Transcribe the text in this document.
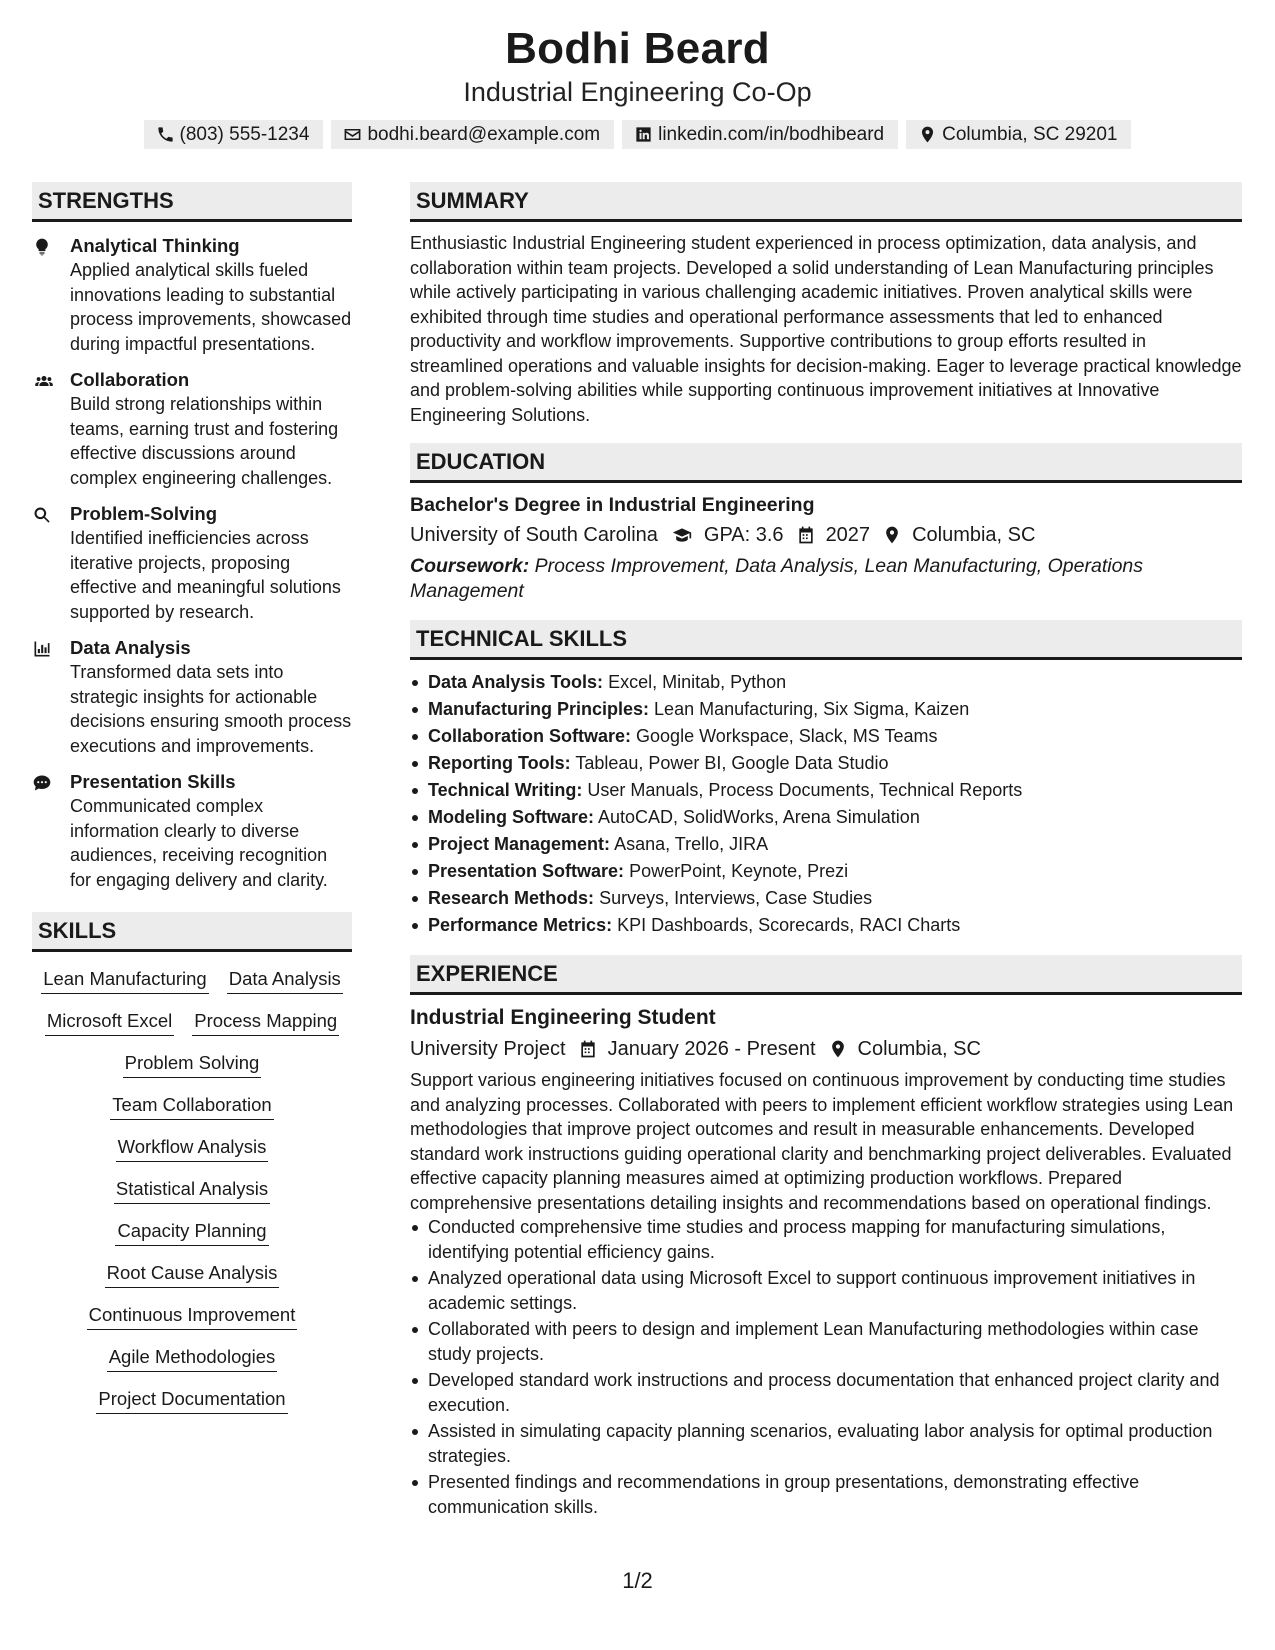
Bodhi Beard
Industrial Engineering Co-Op
(803) 555-1234	bodhi.beard@example.com	linkedin.com/in/bodhibeard	Columbia, SC 29201
STRENGTHS
Analytical Thinking
Applied analytical skills fueled innovations leading to substantial process improvements, showcased during impactful presentations.
Collaboration
Build strong relationships within teams, earning trust and fostering effective discussions around complex engineering challenges.
Problem-Solving
Identified inefficiencies across iterative projects, proposing effective and meaningful solutions supported by research.
Data Analysis
Transformed data sets into strategic insights for actionable decisions ensuring smooth process executions and improvements.
Presentation Skills
Communicated complex information clearly to diverse audiences, receiving recognition for engaging delivery and clarity.
SKILLS
Lean Manufacturing Data Analysis
Microsoft Excel Process Mapping
Problem Solving
Team Collaboration
Workflow Analysis
Statistical Analysis
Capacity Planning
Root Cause Analysis
Continuous Improvement
Agile Methodologies
Project Documentation
SUMMARY
Enthusiastic Industrial Engineering student experienced in process optimization, data analysis, and collaboration within team projects. Developed a solid understanding of Lean Manufacturing principles while actively participating in various challenging academic initiatives. Proven analytical skills were exhibited through time studies and operational performance assessments that led to enhanced productivity and workflow improvements. Supportive contributions to group efforts resulted in streamlined operations and valuable insights for decision-making. Eager to leverage practical knowledge and problem-solving abilities while supporting continuous improvement initiatives at Innovative Engineering Solutions.
EDUCATION
Bachelor's Degree in Industrial Engineering
University of South Carolina GPA: 3.6 2027 Columbia, SC
Coursework: Process Improvement, Data Analysis, Lean Manufacturing, Operations Management
TECHNICAL SKILLS
Data Analysis Tools: Excel, Minitab, Python
Manufacturing Principles: Lean Manufacturing, Six Sigma, Kaizen
Collaboration Software: Google Workspace, Slack, MS Teams
Reporting Tools: Tableau, Power BI, Google Data Studio
Technical Writing: User Manuals, Process Documents, Technical Reports
Modeling Software: AutoCAD, SolidWorks, Arena Simulation
Project Management: Asana, Trello, JIRA
Presentation Software: PowerPoint, Keynote, Prezi
Research Methods: Surveys, Interviews, Case Studies
Performance Metrics: KPI Dashboards, Scorecards, RACI Charts
EXPERIENCE
Industrial Engineering Student
University Project January 2026 - Present Columbia, SC
Support various engineering initiatives focused on continuous improvement by conducting time studies and analyzing processes. Collaborated with peers to implement efficient workflow strategies using Lean methodologies that improve project outcomes and result in measurable enhancements. Developed standard work instructions guiding operational clarity and benchmarking project deliverables. Evaluated effective capacity planning measures aimed at optimizing production workflows. Prepared comprehensive presentations detailing insights and recommendations based on operational findings.
Conducted comprehensive time studies and process mapping for manufacturing simulations, identifying potential efficiency gains.
Analyzed operational data using Microsoft Excel to support continuous improvement initiatives in academic settings.
Collaborated with peers to design and implement Lean Manufacturing methodologies within case study projects.
Developed standard work instructions and process documentation that enhanced project clarity and execution.
Assisted in simulating capacity planning scenarios, evaluating labor analysis for optimal production strategies.
Presented findings and recommendations in group presentations, demonstrating effective communication skills.
1/2
